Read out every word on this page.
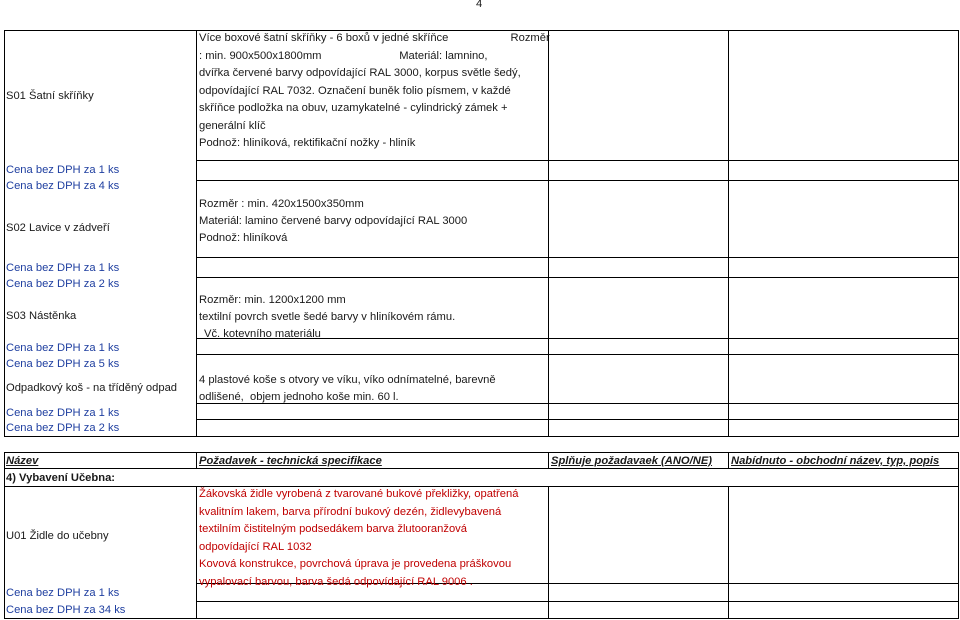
4
S01 Šatní skříňky
Více boxové šatní skříňky - 6 boxů v jedné skříňce                    Rozměr
: min. 900x500x1800mm                         Materiál: lamnino,
dvířka červené barvy odpovídající RAL 3000, korpus světle šedý,
odpovídající RAL 7032. Označení buněk folio písmem, v každé
skříňce podložka na obuv, uzamykatelné - cylindrický zámek +
generální klíč
Podnož: hliníková, rektifikační nožky - hliník
Cena bez DPH za 1 ks
Cena bez DPH za 4 ks
S02 Lavice v zádveří
Rozměr : min. 420x1500x350mm
Materiál: lamino červené barvy odpovídající RAL 3000
Podnož: hliníková
Cena bez DPH za 1 ks
Cena bez DPH za 2 ks
S03 Nástěnka
Rozměr: min. 1200x1200 mm
textilní povrch svetle šedé barvy v hliníkovém rámu.
Vč. kotevního materiálu
Cena bez DPH za 1 ks
Cena bez DPH za 5 ks
Odpadkový koš - na tříděný odpad
4 plastové koše s otvory ve víku, víko odnímatelné, barevně
odlišené,  objem jednoho koše min. 60 l.
Cena bez DPH za 1 ks
Cena bez DPH za 2 ks
Název	Požadavek - technická specifikace	Splňuje požadavaek (ANO/NE) Nabídnuto - obchodní název, typ, popis
4) Vybavení Učebna:
U01 Židle do učebny
Žákovská židle vyrobená z tvarované bukové překližky, opatřená
kvalitním lakem, barva přírodní bukový dezén, židlevybavená
textilním čistitelným podsedákem barva žlutooranžová
odpovídající RAL 1032
Kovová konstrukce, povrchová úprava je provedena práškovou
vypalovací barvou, barva šedá odpovídající RAL 9006 .
Cena bez DPH za 1 ks
Cena bez DPH za 34 ks
